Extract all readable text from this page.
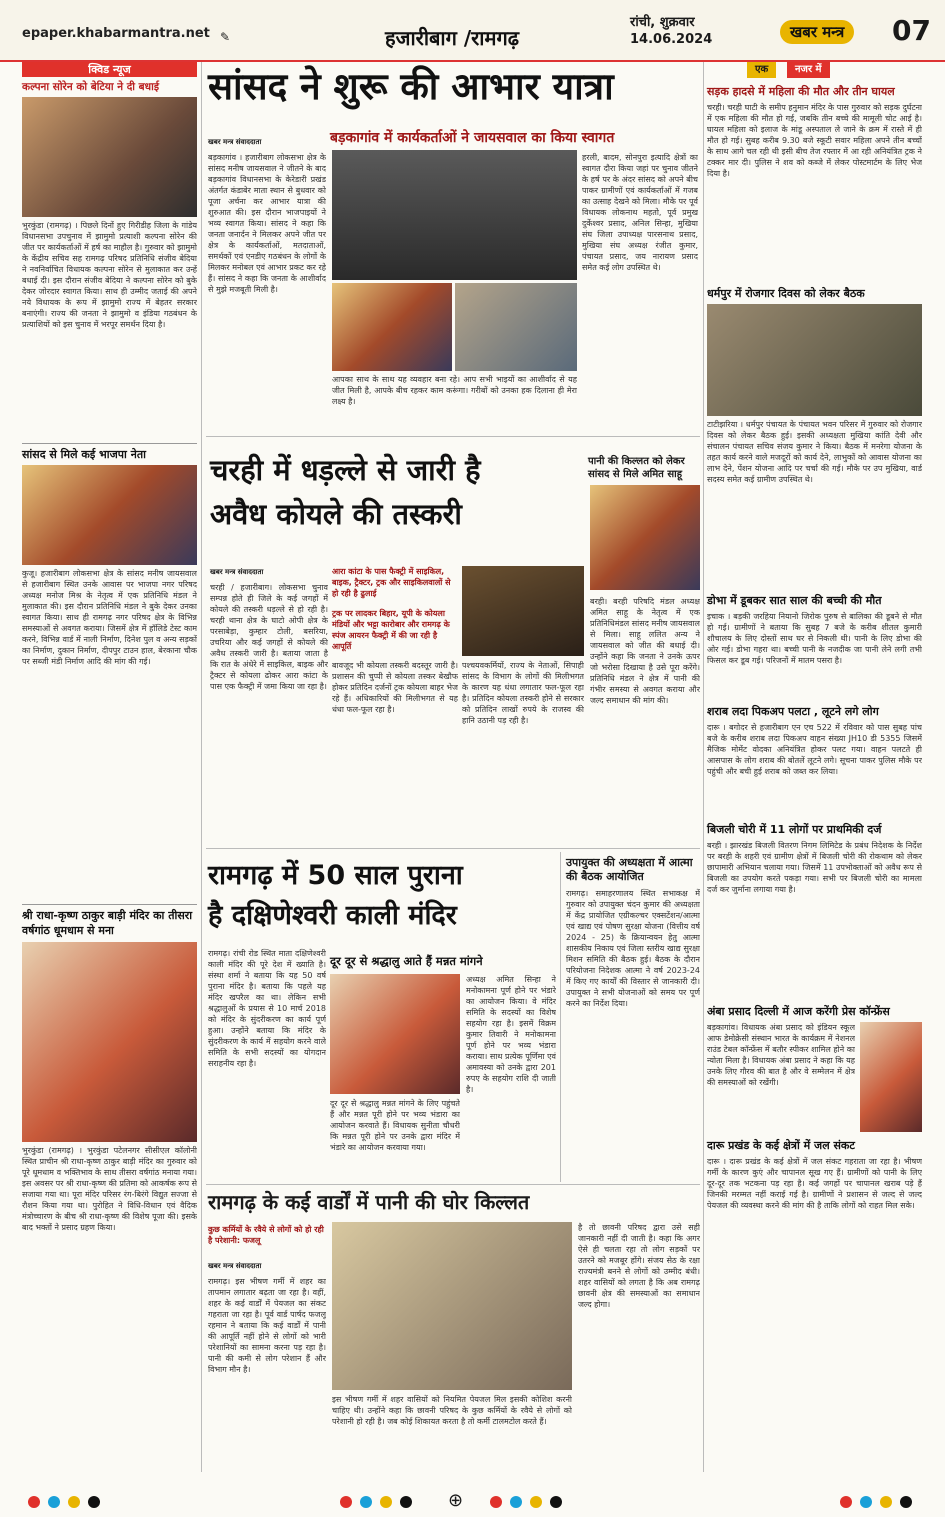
epaper.khabarmantra.net ✎	हजारीबाग /रामगढ़
रांची, शुक्रवार
14.06.2024	खबर मन्त्र	07
क्विड न्यूज
कल्पना सोरेन को बेटिया ने दी बधाई
भुरकुंडा (रामगढ़) । पिछले दिनों हुए गिरीडीह जिला के गांडेय विधानसभा उपचुनाव में झामुमो प्रत्याशी कल्पना सोरेन की जीत पर कार्यकर्ताओं में हर्ष का माहौल है। गुरुवार को झामुमो के केंद्रीय सचिव सह रामगढ़ परिषद प्रतिनिधि संजीव बेदिया ने नवनिर्वाचित विधायक कल्पना सोरेन से मुलाकात कर उन्हें बधाई दी। इस दौरान संजीव बेदिया ने कल्पना सोरेन को बुके देकर जोरदार स्वागत किया। साथ ही उम्मीद जताई की अपने नये विधायक के रूप में झामुमो राज्य में बेहतर सरकार बनाएंगी। राज्य की जनता ने झामुमो व इंडिया गठबंधन के प्रत्याशियों को इस चुनाव में भरपूर समर्थन दिया है।
सांसद से मिले कई भाजपा नेता
कुजू। हजारीबाग लोकसभा क्षेत्र के सांसद मनीष जायसवाल से हजारीबाग स्थित उनके आवास पर भाजपा नगर परिषद अध्यक्ष मनोज मिश्र के नेतृत्व में एक प्रतिनिधि मंडल ने मुलाकात की। इस दौरान प्रतिनिधि मंडल ने बुके देकर उनका स्वागत किया। साथ ही रामगढ़ नगर परिषद क्षेत्र के विभिन्न समस्याओं से अवगत कराया। जिसमें क्षेत्र में हॉलिडे टेस्ट काम करने, विभिन्न वार्ड में नाली निर्माण, दिनेश पुल व अन्य सड़कों का निर्माण, दुकान निर्माण, दीपपुर टाउन हाल, बेरकाना चौक पर सब्जी मंडी निर्माण आदि की मांग की गई।
श्री राधा-कृष्ण ठाकुर बाड़ी मंदिर का तीसरा वर्षगांठ धूमधाम से मना
भुरकुंडा (रामगढ़) । भुरकुंडा पटेलनगर सीसीएल कॉलोनी स्थित प्राचीन श्री राधा-कृष्ण ठाकुर बाड़ी मंदिर का गुरुवार को पूरे धूमधाम व भक्तिभाव के साथ तीसरा वर्षगांठ मनाया गया। इस अवसर पर श्री राधा-कृष्ण की प्रतिमा को आकर्षक रूप से सजाया गया था। पूरा मंदिर परिसर रंग-बिरंगे विद्युत सज्जा से रौशन किया गया था। पुरोहित ने विधि-विधान एवं वैदिक मंत्रोच्चारण के बीच श्री राधा-कृष्ण की विशेष पूजा की। इसके बाद भक्तों ने प्रसाद ग्रहण किया।
सांसद ने शुरू की आभार यात्रा
बड़कागांव में कार्यकर्ताओं ने जायसवाल का किया स्वागत
खबर मन्त्र संवाददाता
बड़कागांव । हजारीबाग लोकसभा क्षेत्र के सांसद मनीष जायसवाल ने जीतने के बाद बड़कागांव विधानसभा के केरेडारी प्रखंड अंतर्गत कंडाबेर माता स्थान से बुधवार को पूजा अर्चना कर आभार यात्रा की शुरुआत की। इस दौरान भाजपाइयों ने भव्य स्वागत किया। सांसद ने कहा कि जनता जनार्दन ने मिलकर अपने जीत पर क्षेत्र के कार्यकर्ताओं, मतदाताओं, समर्थकों एवं एनडीए गठबंधन के लोगों के मिलकर मनोबल एवं आभार प्रकट कर रहे हैं। सांसद ने कहा कि जनता के आशीर्वाद से मुझे मजबूती मिली है।
आपका साथ के साथ यह व्यवहार बना रहे। आप सभी भाइयों का आशीर्वाद से यह जीत मिली है, आपके बीच रहकर काम करूंगा। गरीबों को उनका हक दिलाना ही मेरा लक्ष्य है।
हरली, बादम, सोनपुरा इत्यादि क्षेत्रों का स्वागत दौरा किया जहां पर चुनाव जीतने के हर्ष पर के अंदर सांसद को अपने बीच पाकर ग्रामीणों एवं कार्यकर्ताओं में गजब का उत्साह देखने को मिला। मौके पर पूर्व विधायक लोकनाथ महतो, पूर्व प्रमुख दुर्केश्वर प्रसाद, अनिल सिन्हा, मुखिया संघ जिला उपाध्यक्ष पारसनाथ प्रसाद, मुखिया संघ अध्यक्ष रंजीत कुमार, पंचायत प्रसाद, जय नारायण प्रसाद समेत कई लोग उपस्थित थे।
चरही में धड़ल्ले से जारी है
अवैध कोयले की तस्करी
पानी की किल्लत को लेकर सांसद से मिले अमित साहू
खबर मन्त्र संवाददाता
चरही / हजारीबाग। लोकसभा चुनाव सम्पन्न होते ही जिले के कई जगहों में कोयले की तस्करी धड़ल्ले से हो रही है। चरही थाना क्षेत्र के घाटो ओपी क्षेत्र के परसाबेड़ा, कुम्हार टोली, बसरिया, उचरिया और कई जगहों से कोयले की अवैध तस्करी जारी है। बताया जाता है कि रात के अंधेरे में साइकिल, बाइक और ट्रैक्टर से कोयला ढोकर आरा कांटा के पास एक फैक्ट्री में जमा किया जा रहा है।
आरा कांटा के पास फैक्ट्री में साइकिल, बाइक, ट्रैक्टर, ट्रक और साइकिलवालों से हो रही है ढुलाई
ट्रक पर लादकर बिहार, यूपी के कोयला मंडियों और भट्टा कारोबार और रामगढ़ के स्पंज आयरन फैक्ट्री में की जा रही है आपूर्ति
बावजूद भी कोयला तस्करी बदस्तूर जारी है। प्रशासन की चुप्पी से कोयला तस्कर बेखौफ होकर प्रतिदिन दर्जनों ट्रक कोयला बाहर भेज रहे हैं। अधिकारियों की मिलीभगत से यह धंधा फल-फूल रहा है।
पश्चयवकर्मियों, राज्य के नेताओं, सिपाही सांसद के विभाग के लोगों की मिलीभगत के कारण यह धंधा लगातार फल-फूल रहा है। प्रतिदिन कोयला तस्करी होने से सरकार को प्रतिदिन लाखों रुपये के राजस्व की हानि उठानी पड़ रही है।
बरही। बरही परिषदि मंडल अध्यक्ष अमित साहू के नेतृत्व में एक प्रतिनिधिमंडल सांसद मनीष जायसवाल से मिला। साहू ललित अन्य ने जायसवाल को जीत की बधाई दी। उन्होंने कहा कि जनता ने उनके ऊपर जो भरोसा दिखाया है उसे पूरा करेंगे। प्रतिनिधि मंडल ने क्षेत्र में पानी की गंभीर समस्या से अवगत कराया और जल्द समाधान की मांग की।
रामगढ़ में 50 साल पुराना
है दक्षिणेश्वरी काली मंदिर
रामगढ़। रांची रोड स्थित माता दक्षिणेश्वरी काली मंदिर की पूरे देश में ख्याति है। संस्था शर्मा ने बताया कि यह 50 वर्ष पुराना मंदिर है। बताया कि पहले यह मंदिर खपरैल का था। लेकिन सभी श्रद्धालुओं के प्रयास से 10 मार्च 2018 को मंदिर के सुंदरीकरण का कार्य पूर्ण हुआ। उन्होंने बताया कि मंदिर के सुंदरीकरण के कार्य में सहयोग करने वाले समिति के सभी सदस्यों का योगदान सराहनीय रहा है।
दूर दूर से श्रद्धालु आते हैं मन्नत मांगने
दूर दूर से श्रद्धालु मन्नत मांगने के लिए पहुंचते हैं और मन्नत पूरी होने पर भव्य भंडारा का आयोजन करवाते हैं। विधायक सुनीता चौधरी कि मन्नत पूरी होने पर उनके द्वारा मंदिर में भंडारे का आयोजन करवाया गया।
अध्यक्ष अमित सिन्हा ने मनोकामना पूर्ण होने पर भंडारे का आयोजन किया। वे मंदिर समिति के सदस्यों का विशेष सहयोग रहा है। इसमें विक्रम कुमार तिवारी ने मनोकामना पूर्ण होने पर भव्य भंडारा कराया। साथ प्रत्येक पूर्णिमा एवं अमावस्या को उनके द्वारा 201 रुपए के सहयोग राशि दी जाती है।
उपायुक्त की अध्यक्षता में आत्मा की बैठक आयोजित
रामगढ़। समाहरणालय स्थित सभाकक्ष में गुरुवार को उपायुक्त चंदन कुमार की अध्यक्षता में केंद्र प्रायोजित एग्रीकल्चर एक्सटेंशन/आत्मा एवं खाद्य एवं पोषण सुरक्षा योजना (वित्तीय वर्ष 2024 - 25) के क्रियान्वयन हेतु आत्मा शासकीय निकाय एवं जिला स्तरीय खाद्य सुरक्षा मिशन समिति की बैठक हुई। बैठक के दौरान परियोजना निदेशक आत्मा ने वर्ष 2023-24 में किए गए कार्यों की विस्तार से जानकारी दी। उपायुक्त ने सभी योजनाओं को समय पर पूर्ण करने का निर्देश दिया।
रामगढ़ के कई वार्डों में पानी की घोर किल्लत
कुछ कर्मियों के रवैये से लोगों को हो रही है परेशानी: फजलू
खबर मन्त्र संवाददाता
रामगढ़। इस भीषण गर्मी में शहर का तापमान लगातार बढ़ता जा रहा है। वहीं, शहर के कई वार्डों में पेयजल का संकट गहराता जा रहा है। पूर्व वार्ड पार्षद फजलू रहमान ने बताया कि कई वार्डों में पानी की आपूर्ति नहीं होने से लोगों को भारी परेशानियों का सामना करना पड़ रहा है। पानी की कमी से लोग परेशान हैं और विभाग मौन है।
इस भीषण गर्मी में शहर वासियों को नियमित पेयजल मिल इसकी कोशिश करनी चाहिए थी। उन्होंने कहा कि छावनी परिषद के कुछ कर्मियों के रवैये से लोगों को परेशानी हो रही है। जब कोई शिकायत करता है तो कर्मी टालमटोल करते हैं।
है तो छावनी परिषद द्वारा उसे सही जानकारी नहीं दी जाती है। कहा कि अगर ऐसे ही चलता रहा तो लोग सड़कों पर उतरने को मजबूर होंगे। संजय सेठ के रक्षा राज्यमंत्री बनने से लोगों को उम्मीद बंधी। शहर वासियों को लगता है कि अब रामगढ़ छावनी क्षेत्र की समस्याओं का समाधान जल्द होगा।
एक	नजर में
सड़क हादसे में महिला की मौत और तीन घायल
चरही। चरही घाटी के समीप हनुमान मंदिर के पास गुरुवार को सड़क दुर्घटना में एक महिला की मौत हो गई, जबकि तीन बच्चे की मामूली चोट आई है। घायल महिला को इलाज के मांडू अस्पताल ले जाने के क्रम में रास्ते में ही मौत हो गई। सुबह करीब 9.30 बजे स्कूटी सवार महिला अपने तीन बच्चों के साथ आगे चल रही थी इसी बीच तेज रफ्तार में आ रही अनियंत्रित ट्रक ने टक्कर मार दी। पुलिस ने शव को कब्जे में लेकर पोस्टमार्टम के लिए भेज दिया है।
धर्मपुर में रोजगार दिवस को लेकर बैठक
टाटीझरिया । धर्मपुर पंचायत के पंचायत भवन परिसर में गुरुवार को रोजगार दिवस को लेकर बैठक हुई। इसकी अध्यक्षता मुखिया कांति देवी और संचालन पंचायत सचिव संजय कुमार ने किया। बैठक में मनरेगा योजना के तहत कार्य करने वाले मजदूरों को कार्य देने, लाभुकों को आवास योजना का लाभ देने, पेंशन योजना आदि पर चर्चा की गई। मौके पर उप मुखिया, वार्ड सदस्य समेत कई ग्रामीण उपस्थित थे।
डोभा में डूबकर सात साल की बच्ची की मौत
इचाक । बड़की जरहिया नियानो जिरोक पुरुष से बालिका की डूबने से मौत हो गई। ग्रामीणों ने बताया कि सुबह 7 बजे के करीब शीतल कुमारी शौचालय के लिए दोस्तों साथ घर से निकली थी। पानी के लिए डोभा की ओर गई। डोभा गहरा था। बच्ची पानी के नजदीक जा पानी लेने लगी तभी फिसल कर डूब गई। परिजनों में मातम पसरा है।
शराब लदा पिकअप पलटा , लूटने लगे लोग
दारू । बगोदर से हजारीबाग एन एच 522 में रविवार को पास सुबह पांच बजे के करीब शराब लदा पिकअप वाहन संख्या JH10 डी 5355 जिसमें मैजिक मोमेंट वोदका अनियंत्रित होकर पलट गया। वाहन पलटते ही आसपास के लोग शराब की बोतलें लूटने लगे। सूचना पाकर पुलिस मौके पर पहुंची और बची हुई शराब को जब्त कर लिया।
बिजली चोरी में 11 लोगों पर प्राथमिकी दर्ज
बरही । झारखंड बिजली वितरण निगम लिमिटेड के प्रबंध निदेशक के निर्देश पर बरही के शहरी एवं ग्रामीण क्षेत्रों में बिजली चोरी की रोकथाम को लेकर छापामारी अभियान चलाया गया। जिसमें 11 उपभोक्ताओं को अवैध रूप से बिजली का उपयोग करते पकड़ा गया। सभी पर बिजली चोरी का मामला दर्ज कर जुर्माना लगाया गया है।
अंबा प्रसाद दिल्ली में आज करेंगी प्रेस कॉन्फ्रेंस
बड़कागांव। विधायक अंबा प्रसाद को इंडियन स्कूल आफ डेमोक्रेसी संस्थान भारत के कार्यक्रम में नेशनल राउंड टेबल कॉन्फ्रेंस में बतौर स्पीकर शामिल होने का न्योता मिला है। विधायक अंबा प्रसाद ने कहा कि यह उनके लिए गौरव की बात है और वे सम्मेलन में क्षेत्र की समस्याओं को रखेंगी।
दारू प्रखंड के कई क्षेत्रों में जल संकट
दारू । दारू प्रखंड के कई क्षेत्रों में जल संकट गहराता जा रहा है। भीषण गर्मी के कारण कुएं और चापानल सूख गए हैं। ग्रामीणों को पानी के लिए दूर-दूर तक भटकना पड़ रहा है। कई जगहों पर चापानल खराब पड़े हैं जिनकी मरम्मत नहीं कराई गई है। ग्रामीणों ने प्रशासन से जल्द से जल्द पेयजल की व्यवस्था करने की मांग की है ताकि लोगों को राहत मिल सके।
⊕
